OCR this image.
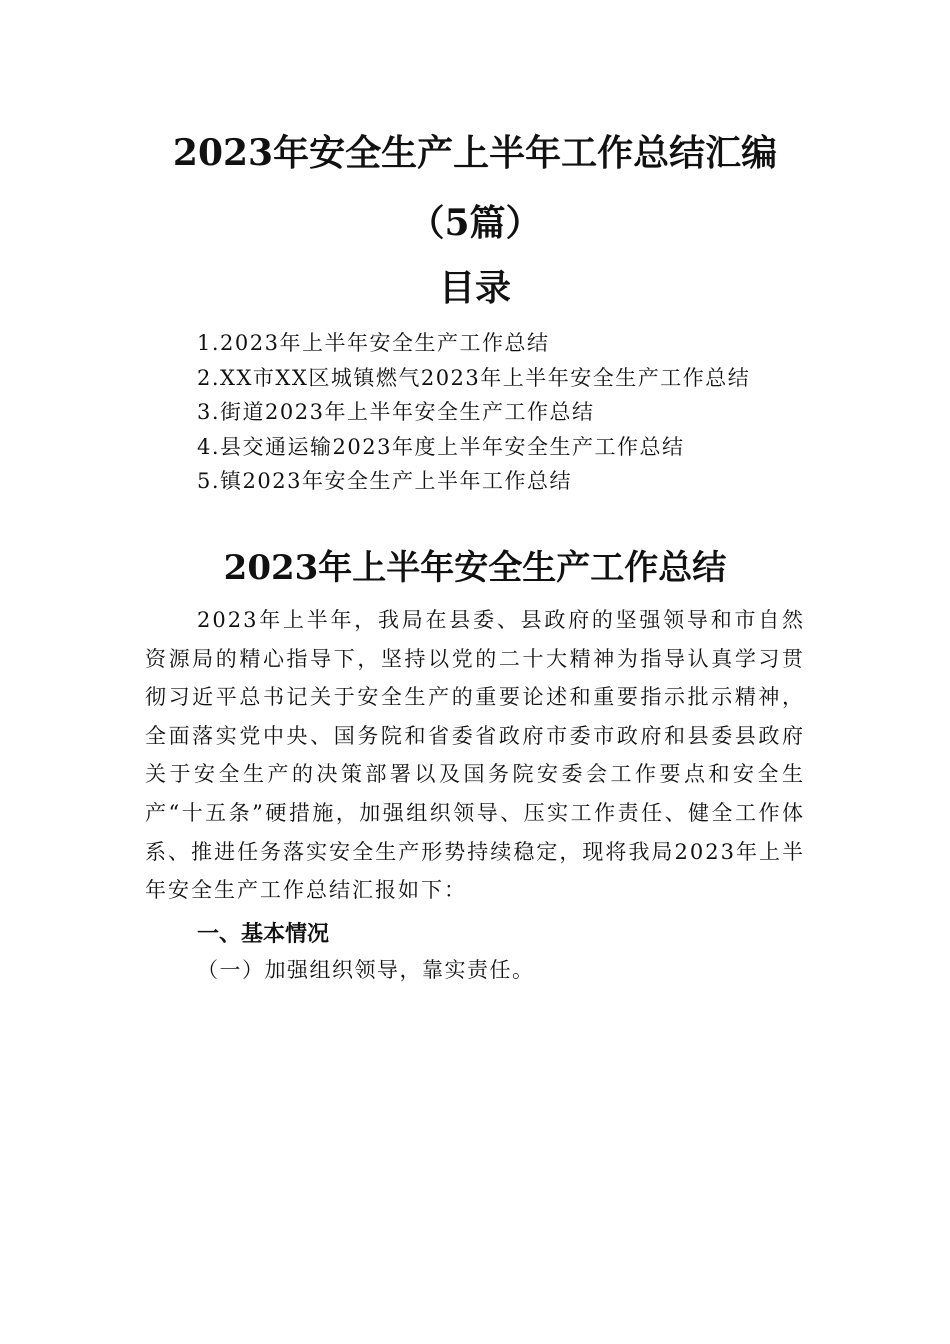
2023年安全生产上半年工作总结汇编（5篇）
目录
1.2023年上半年安全生产工作总结
2.XX市XX区城镇燃气2023年上半年安全生产工作总结
3.街道2023年上半年安全生产工作总结
4.县交通运输2023年度上半年安全生产工作总结
5.镇2023年安全生产上半年工作总结
2023年上半年安全生产工作总结

2023年上半年，我局在县委、县政府的坚强领导和市自然资源局的精心指导下，坚持以党的二十大精神为指导认真学习贯彻习近平总书记关于安全生产的重要论述和重要指示批示精神，全面落实党中央、国务院和省委省政府市委市政府和县委县政府关于安全生产的决策部署以及国务院安委会工作要点和安全生产“十五条”硬措施，加强组织领导、压实工作责任、健全工作体系、推进任务落实安全生产形势持续稳定，现将我局2023年上半年安全生产工作总结汇报如下：

一、基本情况

（一）加强组织领导，靠实责任。
